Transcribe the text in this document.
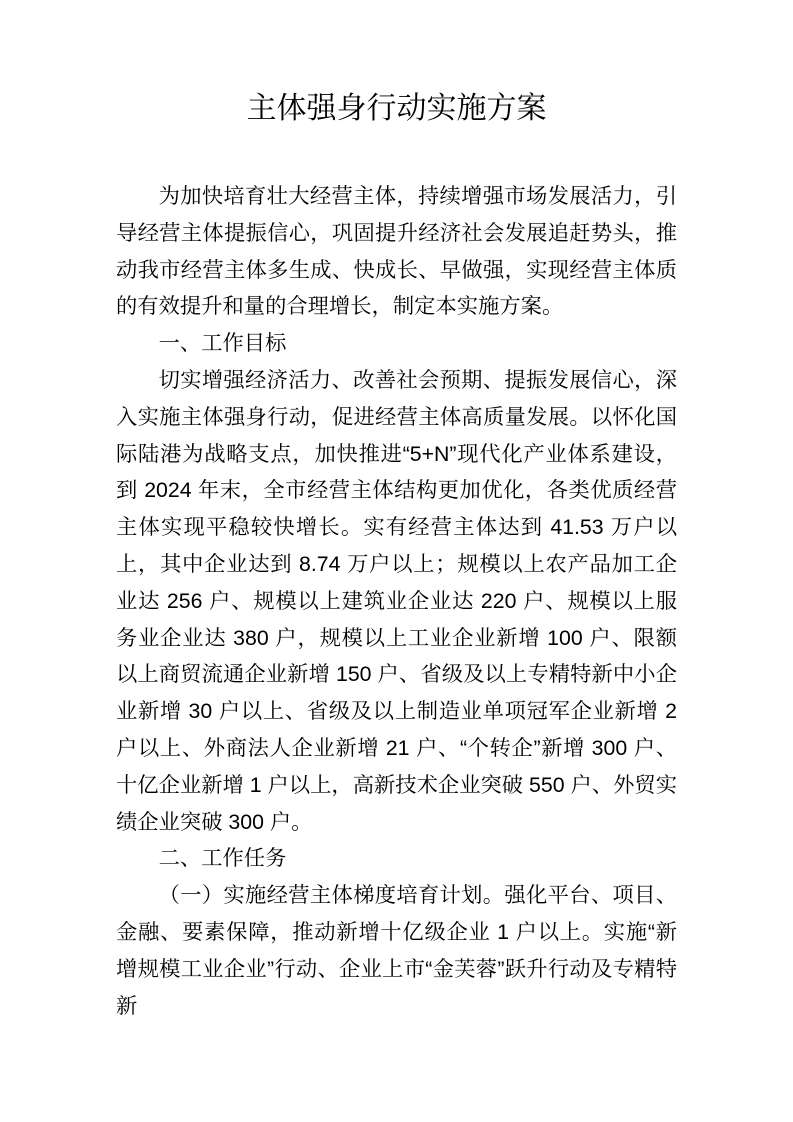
主体强身行动实施方案

为加快培育壮大经营主体，持续增强市场发展活力，引导经营主体提振信心，巩固提升经济社会发展追赶势头，推动我市经营主体多生成、快成长、早做强，实现经营主体质的有效提升和量的合理增长，制定本实施方案。

一、工作目标

切实增强经济活力、改善社会预期、提振发展信心，深入实施主体强身行动，促进经营主体高质量发展。以怀化国际陆港为战略支点，加快推进“5+N”现代化产业体系建设，到 2024 年末，全市经营主体结构更加优化，各类优质经营主体实现平稳较快增长。实有经营主体达到 41.53 万户以上，其中企业达到 8.74 万户以上；规模以上农产品加工企业达 256 户、规模以上建筑业企业达 220 户、规模以上服务业企业达 380 户，规模以上工业企业新增 100 户、限额以上商贸流通企业新增 150 户、省级及以上专精特新中小企业新增 30 户以上、省级及以上制造业单项冠军企业新增 2 户以上、外商法人企业新增 21 户、“个转企”新增 300 户、十亿企业新增 1 户以上，高新技术企业突破 550 户、外贸实绩企业突破 300 户。

二、工作任务

（一）实施经营主体梯度培育计划。强化平台、项目、金融、要素保障，推动新增十亿级企业 1 户以上。实施“新增规模工业企业”行动、企业上市“金芙蓉”跃升行动及专精特新
